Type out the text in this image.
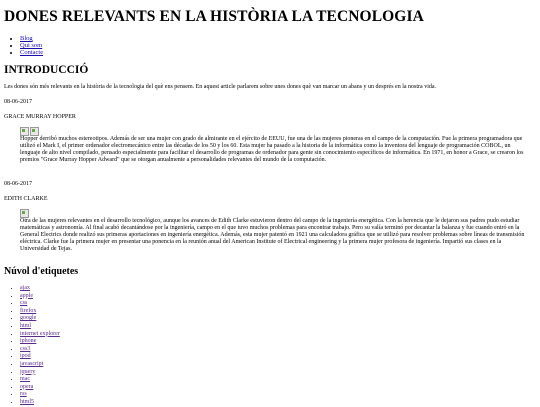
DONES RELEVANTS EN LA HISTÒRIA LA TECNOLOGIA
• Blog
• Qui som
• Contacte
INTRODUCCIÓ
Les dones són més relevants en la història de la tecnologia del què ens pensem. En aquest article parlarem sobre unes dones què van marcar un abans y un després en la nostra vida.
08-06-2017
GRACE MURRAY HOPPER
Hopper derribó muchos estereotipos. Además de ser una mujer con grado de almirante en el ejército de EEUU, fue una de las mujeres pioneras en el campo de la computación. Fue la primera programadora que utilizó el Mark I, el primer ordenador electromecánico entre las décadas de los 50 y los 60. Esta mujer ha pasado a la historia de la informática como la inventora del lenguaje de programación COBOL, un lenguaje de alto nivel compilado, pensado especialmente para facilitar el desarrollo de programas de ordenador para gente sin conocimiento específicos de informática. En 1971, en honor a Grace, se crearon los premios "Grace Murray Hopper Adward" que se otorgan anualmente a personalidades relevantes del mundo de la computación.
08-06-2017
EDITH CLARKE
Otra de las mujeres relevantes en el desarrollo tecnológico, aunque los avances de Edith Clarke estuvieron dentro del campo de la ingeniería energética. Con la herencia que le dejaron sus padres pudo estudiar matemáticas y astronomía. Al final acabó decantándose por la ingeniería, campo en el que tuvo muchos problemas para encontrar trabajo. Pero su valía terminó por decantar la balanza y fue cuando entró en la General Electrics donde realizó sus primeras aportaciones en ingeniería energética. Además, esta mujer patentó en 1921 una calculadora gráfica que se utilizó para resolver problemas sobre líneas de transmisión eléctrica. Clarke fue la primera mujer en presentar una ponencia en la reunión anual del American Institute of Electrical engineering y la primera mujer profesora de ingeniería. Impartió sus clases en la Universidad de Tejas.
Núvol d'etiquetes
• ajax
• apple
• css
• firefox
• google
• html
• internet explorer
• iphone
• css3
• ipod
• javascript
• jquery
• mac
• opera
• rss
• html5
